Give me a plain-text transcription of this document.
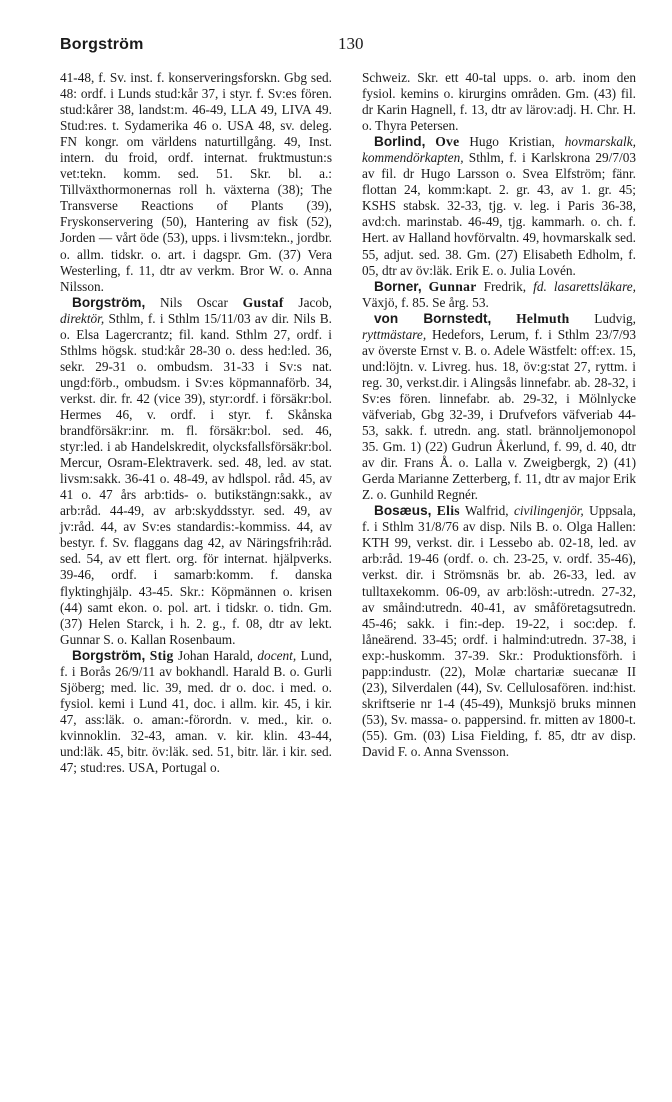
Borgström	130

41-48, f. Sv. inst. f. konserveringsforskn. Gbg sed. 48: ordf. i Lunds stud:kår 37, i styr. f. Sv:es fören. stud:kårer 38, landst:m. 46-49, LLA 49, LIVA 49. Stud:res. t. Sydamerika 46 o. USA 48, sv. deleg. FN kongr. om världens naturtillgång. 49, Inst. intern. du froid, ordf. internat. fruktmustun:s vet:tekn. komm. sed. 51. Skr. bl. a.: Tillväxthormonernas roll h. växterna (38); The Transverse Reactions of Plants (39), Fryskonservering (50), Hantering av fisk (52), Jorden — vårt öde (53), upps. i livsm:tekn., jordbr. o. allm. tidskr. o. art. i dagspr. Gm. (37) Vera Westerling, f. 11, dtr av verkm. Bror W. o. Anna Nilsson.

Borgström, Nils Oscar Gustaf Jacob, direktör, Sthlm, f. i Sthlm 15/11/03 av dir. Nils B. o. Elsa Lagercrantz; fil. kand. Sthlm 27, ordf. i Sthlms högsk. stud:kår 28-30 o. dess hed:led. 36, sekr. 29-31 o. ombudsm. 31-33 i Sv:s nat. ungd:förb., ombudsm. i Sv:es köpmannaförb. 34, verkst. dir. fr. 42 (vice 39), styr:ordf. i försäkr:bol. Hermes 46, v. ordf. i styr. f. Skånska brandförsäkr:inr. m. fl. försäkr:bol. sed. 46, styr:led. i ab Handelskredit, olycksfallsförsäkr:bol. Mercur, Osram-Elektraverk. sed. 48, led. av stat. livsm:sakk. 36-41 o. 48-49, av hdlspol. råd. 45, av 41 o. 47 års arb:tids- o. butikstängn:sakk., av arb:råd. 44-49, av arb:skyddsstyr. sed. 49, av jv:råd. 44, av Sv:es standardis:-kommiss. 44, av bestyr. f. Sv. flaggans dag 42, av Näringsfrih:råd. sed. 54, av ett flert. org. för internat. hjälpverks. 39-46, ordf. i samarb:komm. f. danska flyktinghjälp. 43-45. Skr.: Köpmännen o. krisen (44) samt ekon. o. pol. art. i tidskr. o. tidn. Gm. (37) Helen Starck, i h. 2. g., f. 08, dtr av lekt. Gunnar S. o. Kallan Rosenbaum.

Borgström, Stig Johan Harald, docent, Lund, f. i Borås 26/9/11 av bokhandl. Harald B. o. Gurli Sjöberg; med. lic. 39, med. dr o. doc. i med. o. fysiol. kemi i Lund 41, doc. i allm. kir. 45, i kir. 47, ass:läk. o. aman:-förordn. v. med., kir. o. kvinnoklin. 32-43, aman. v. kir. klin. 43-44, und:läk. 45, bitr. öv:läk. sed. 51, bitr. lär. i kir. sed. 47; stud:res. USA, Portugal o.

Schweiz. Skr. ett 40-tal upps. o. arb. inom den fysiol. kemins o. kirurgins områden. Gm. (43) fil. dr Karin Hagnell, f. 13, dtr av lärov:adj. H. Chr. H. o. Thyra Petersen.

Borlind, Ove Hugo Kristian, hovmarskalk, kommendörkapten, Sthlm, f. i Karlskrona 29/7/03 av fil. dr Hugo Larsson o. Svea Elfström; fänr. flottan 24, komm:kapt. 2. gr. 43, av 1. gr. 45; KSHS stabsk. 32-33, tjg. v. leg. i Paris 36-38, avd:ch. marinstab. 46-49, tjg. kammarh. o. ch. f. Hert. av Halland hovförvaltn. 49, hovmarskalk sed. 55, adjut. sed. 38. Gm. (27) Elisabeth Edholm, f. 05, dtr av öv:läk. Erik E. o. Julia Lovén.

Borner, Gunnar Fredrik, fd. lasarettsläkare, Växjö, f. 85. Se årg. 53.

von Bornstedt, Helmuth Ludvig, ryttmästare, Hedefors, Lerum, f. i Sthlm 23/7/93 av överste Ernst v. B. o. Adele Wästfelt: off:ex. 15, und:löjtn. v. Livreg. hus. 18, öv:g:stat 27, ryttm. i reg. 30, verkst.dir. i Alingsås linnefabr. ab. 28-32, i Sv:es fören. linnefabr. ab. 29-32, i Mölnlycke väfveriab, Gbg 32-39, i Drufvefors väfveriab 44-53, sakk. f. utredn. ang. statl. brännoljemonopol 35. Gm. 1) (22) Gudrun Åkerlund, f. 99, d. 40, dtr av dir. Frans Å. o. Lalla v. Zweigbergk, 2) (41) Gerda Marianne Zetterberg, f. 11, dtr av major Erik Z. o. Gunhild Regnér.

Bosæus, Elis Walfrid, civilingenjör, Uppsala, f. i Sthlm 31/8/76 av disp. Nils B. o. Olga Hallen: KTH 99, verkst. dir. i Lessebo ab. 02-18, led. av arb:råd. 19-46 (ordf. o. ch. 23-25, v. ordf. 35-46), verkst. dir. i Strömsnäs br. ab. 26-33, led. av tulltaxekomm. 06-09, av arb:lösh:-utredn. 27-32, av småind:utredn. 40-41, av småföretagsutredn. 45-46; sakk. i fin:-dep. 19-22, i soc:dep. f. låneärend. 33-45; ordf. i halmind:utredn. 37-38, i exp:-huskomm. 37-39. Skr.: Produktionsförh. i papp:industr. (22), Molæ chartariæ suecanæ II (23), Silverdalen (44), Sv. Cellulosafören. ind:hist. skriftserie nr 1-4 (45-49), Munksjö bruks minnen (53), Sv. massa- o. pappersind. fr. mitten av 1800-t. (55). Gm. (03) Lisa Fielding, f. 85, dtr av disp. David F. o. Anna Svensson.
